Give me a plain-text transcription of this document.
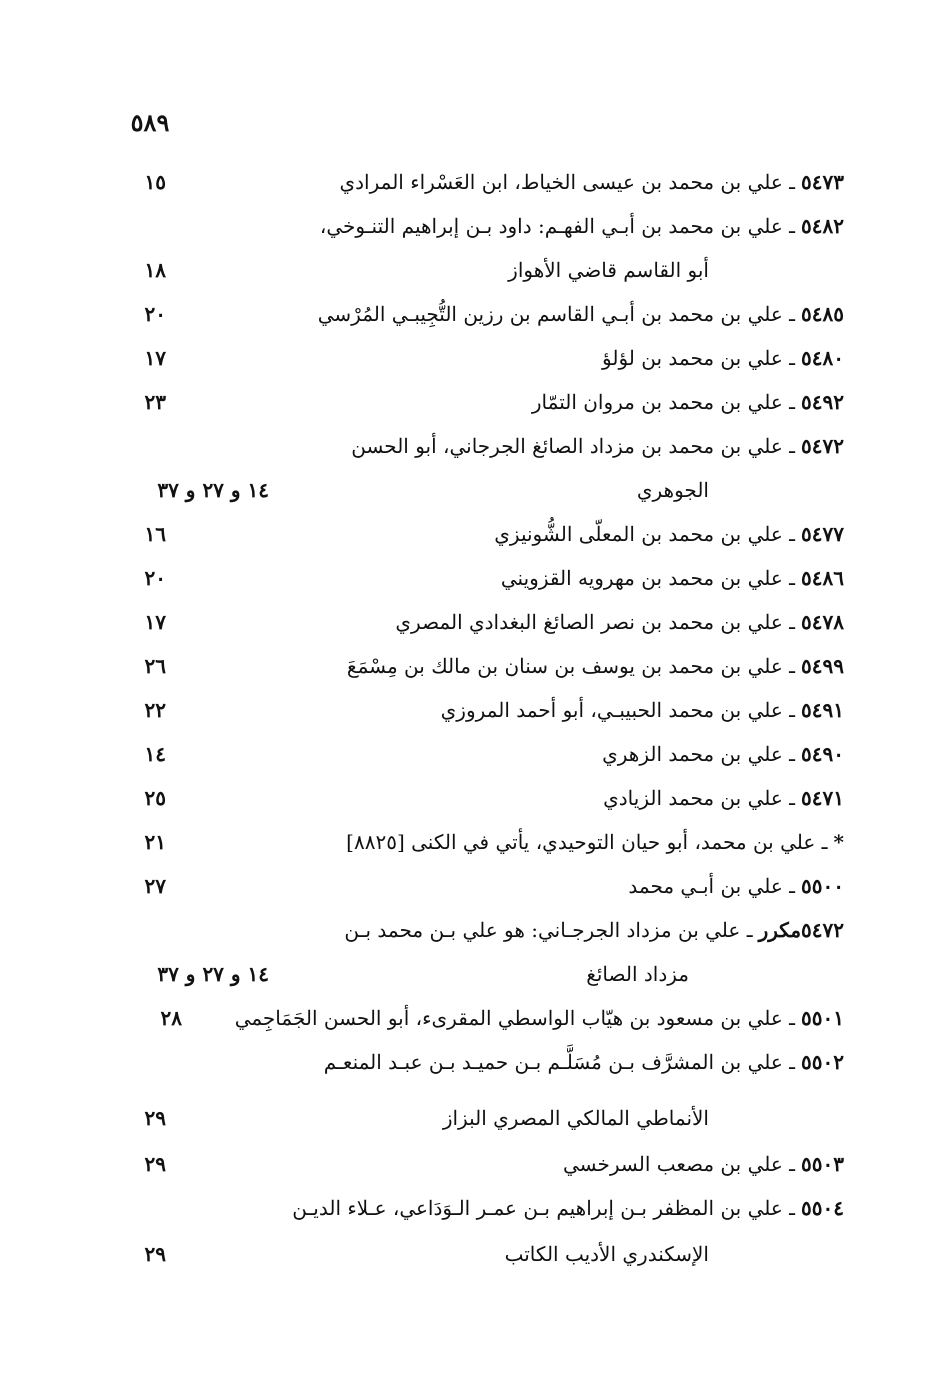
٥٨٩
٥٤٧٣ـ علي بن محمد بن عيسى الخياط، ابن العَسْراء المرادي
١٥
٥٤٨٢ـ علي بن محمد بن أبـي الفهـم: داود بـن إبراهيم التنـوخي،
أبو القاسم قاضي الأهواز
١٨
٥٤٨٥ـ علي بن محمد بن أبـي القاسم بن رزين التُّجِيبـي المُرْسي
٢٠
٥٤٨٠ـ علي بن محمد بن لؤلؤ
١٧
٥٤٩٢ـ علي بن محمد بن مروان التمّار
٢٣
٥٤٧٢ـ علي بن محمد بن مزداد الصائغ الجرجاني، أبو الحسن
الجوهري
١٤ و ٢٧ و ٣٧
٥٤٧٧ـ علي بن محمد بن المعلّى الشُّونيزي
١٦
٥٤٨٦ـ علي بن محمد بن مهرويه القزويني
٢٠
٥٤٧٨ـ علي بن محمد بن نصر الصائغ البغدادي المصري
١٧
٥٤٩٩ـ علي بن محمد بن يوسف بن سنان بن مالك بن مِسْمَعَ
٢٦
٥٤٩١ـ علي بن محمد الحبيبـي، أبو أحمد المروزي
٢٢
٥٤٩٠ـ علي بن محمد الزهري
١٤
٥٤٧١ـ علي بن محمد الزيادي
٢٥
*ـ علي بن محمد، أبو حيان التوحيدي، يأتي في الكنى [٨٨٢٥]
٢١
٥٥٠٠ـ علي بن أبـي محمد
٢٧
٥٤٧٢مكررـ علي بن مزداد الجرجـاني: هو علي بـن محمد بـن
مزداد الصائغ
١٤ و ٢٧ و ٣٧
٥٥٠١ـ علي بن مسعود بن هيّاب الواسطي المقرىء، أبو الحسن الجَمَاجِمي
٢٨
٥٥٠٢ـ علي بن المشرَّف بـن مُسَلَّـم بـن حميـد بـن عبـد المنعـم
الأنماطي المالكي المصري البزاز
٢٩
٥٥٠٣ـ علي بن مصعب السرخسي
٢٩
٥٥٠٤ـ علي بن المظفر بـن إبراهيم بـن عمـر الـوَدَاعي، عـلاء الديـن
الإسكندري الأديب الكاتب
٢٩
